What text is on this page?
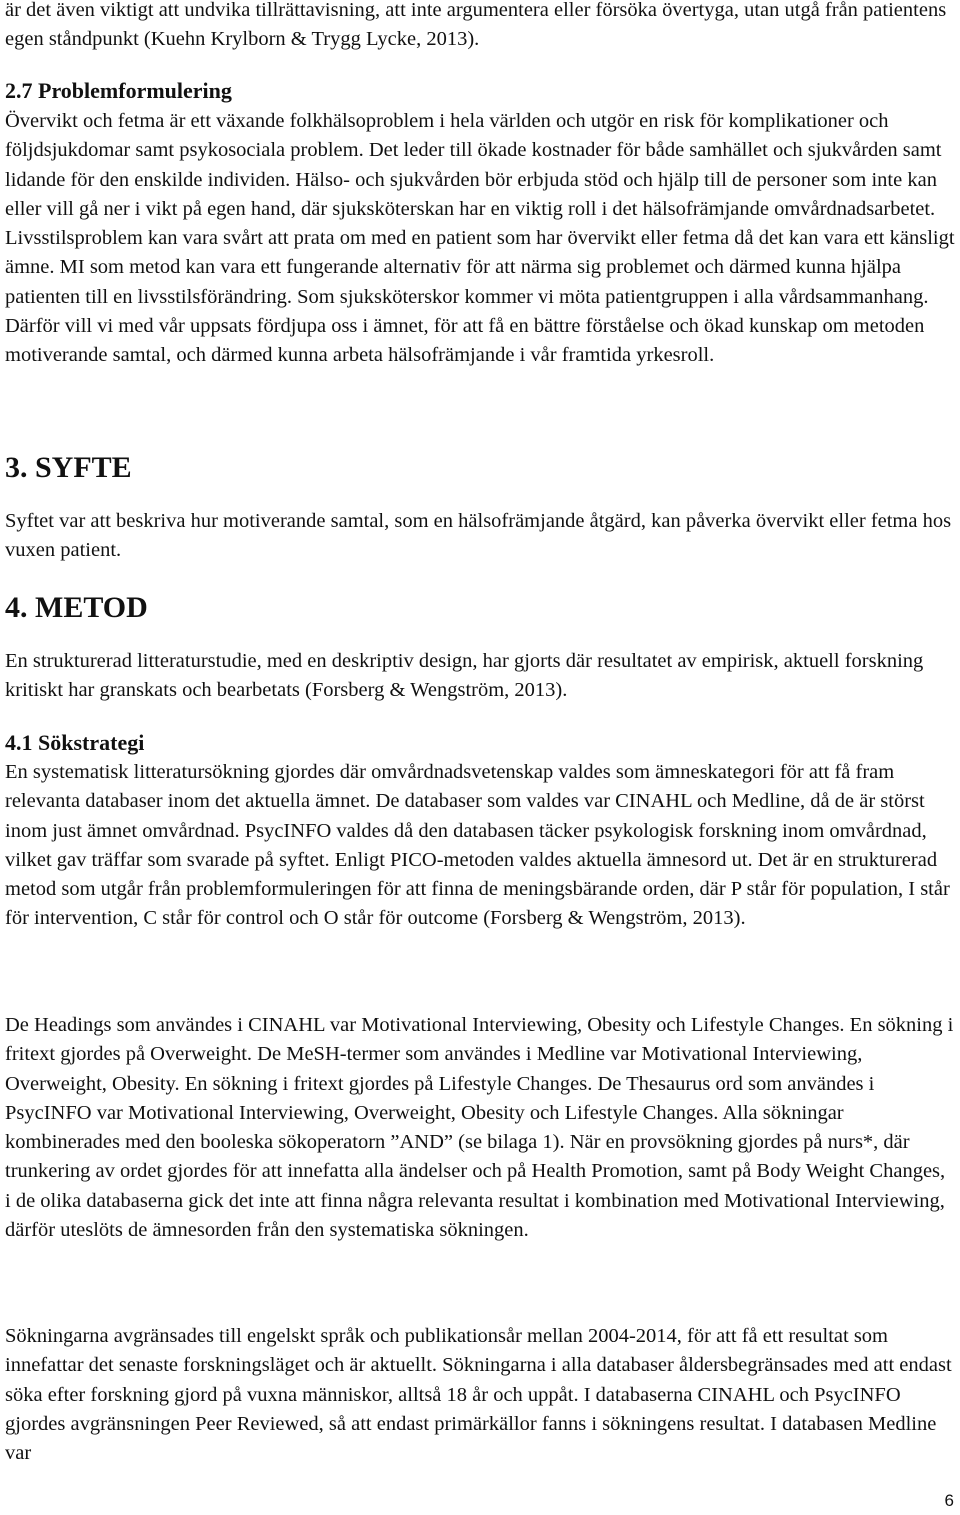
är det även viktigt att undvika tillrättavisning, att inte argumentera eller försöka övertyga, utan utgå från patientens egen ståndpunkt (Kuehn Krylborn & Trygg Lycke, 2013).

2.7 Problemformulering

Övervikt och fetma är ett växande folkhälsoproblem i hela världen och utgör en risk för komplikationer och följdsjukdomar samt psykosociala problem. Det leder till ökade kostnader för både samhället och sjukvården samt lidande för den enskilde individen. Hälso- och sjukvården bör erbjuda stöd och hjälp till de personer som inte kan eller vill gå ner i vikt på egen hand, där sjuksköterskan har en viktig roll i det hälsofrämjande omvårdnadsarbetet. Livsstilsproblem kan vara svårt att prata om med en patient som har övervikt eller fetma då det kan vara ett känsligt ämne. MI som metod kan vara ett fungerande alternativ för att närma sig problemet och därmed kunna hjälpa patienten till en livsstilsförändring. Som sjuksköterskor kommer vi möta patientgruppen i alla vårdsammanhang. Därför vill vi med vår uppsats fördjupa oss i ämnet, för att få en bättre förståelse och ökad kunskap om metoden motiverande samtal, och därmed kunna arbeta hälsofrämjande i vår framtida yrkesroll.

3. SYFTE

Syftet var att beskriva hur motiverande samtal, som en hälsofrämjande åtgärd, kan påverka övervikt eller fetma hos vuxen patient.

4. METOD

En strukturerad litteraturstudie, med en deskriptiv design, har gjorts där resultatet av empirisk, aktuell forskning kritiskt har granskats och bearbetats (Forsberg & Wengström, 2013).

4.1 Sökstrategi

En systematisk litteratursökning gjordes där omvårdnadsvetenskap valdes som ämneskategori för att få fram relevanta databaser inom det aktuella ämnet. De databaser som valdes var CINAHL och Medline, då de är störst inom just ämnet omvårdnad. PsycINFO valdes då den databasen täcker psykologisk forskning inom omvårdnad, vilket gav träffar som svarade på syftet. Enligt PICO-metoden valdes aktuella ämnesord ut. Det är en strukturerad metod som utgår från problemformuleringen för att finna de meningsbärande orden, där P står för population, I står för intervention, C står för control och O står för outcome (Forsberg & Wengström, 2013).

De Headings som användes i CINAHL var Motivational Interviewing, Obesity och Lifestyle Changes. En sökning i fritext gjordes på Overweight. De MeSH-termer som användes i Medline var Motivational Interviewing, Overweight, Obesity. En sökning i fritext gjordes på Lifestyle Changes. De Thesaurus ord som användes i PsycINFO var Motivational Interviewing, Overweight, Obesity och Lifestyle Changes. Alla sökningar kombinerades med den booleska sökoperatorn ”AND” (se bilaga 1). När en provsökning gjordes på nurs*, där trunkering av ordet gjordes för att innefatta alla ändelser och på Health Promotion, samt på Body Weight Changes, i de olika databaserna gick det inte att finna några relevanta resultat i kombination med Motivational Interviewing, därför uteslöts de ämnesorden från den systematiska sökningen.

Sökningarna avgränsades till engelskt språk och publikationsår mellan 2004-2014, för att få ett resultat som innefattar det senaste forskningsläget och är aktuellt. Sökningarna i alla databaser åldersbegränsades med att endast söka efter forskning gjord på vuxna människor, alltså 18 år och uppåt. I databaserna CINAHL och PsycINFO gjordes avgränsningen Peer Reviewed, så att endast primärkällor fanns i sökningens resultat. I databasen Medline var

6
